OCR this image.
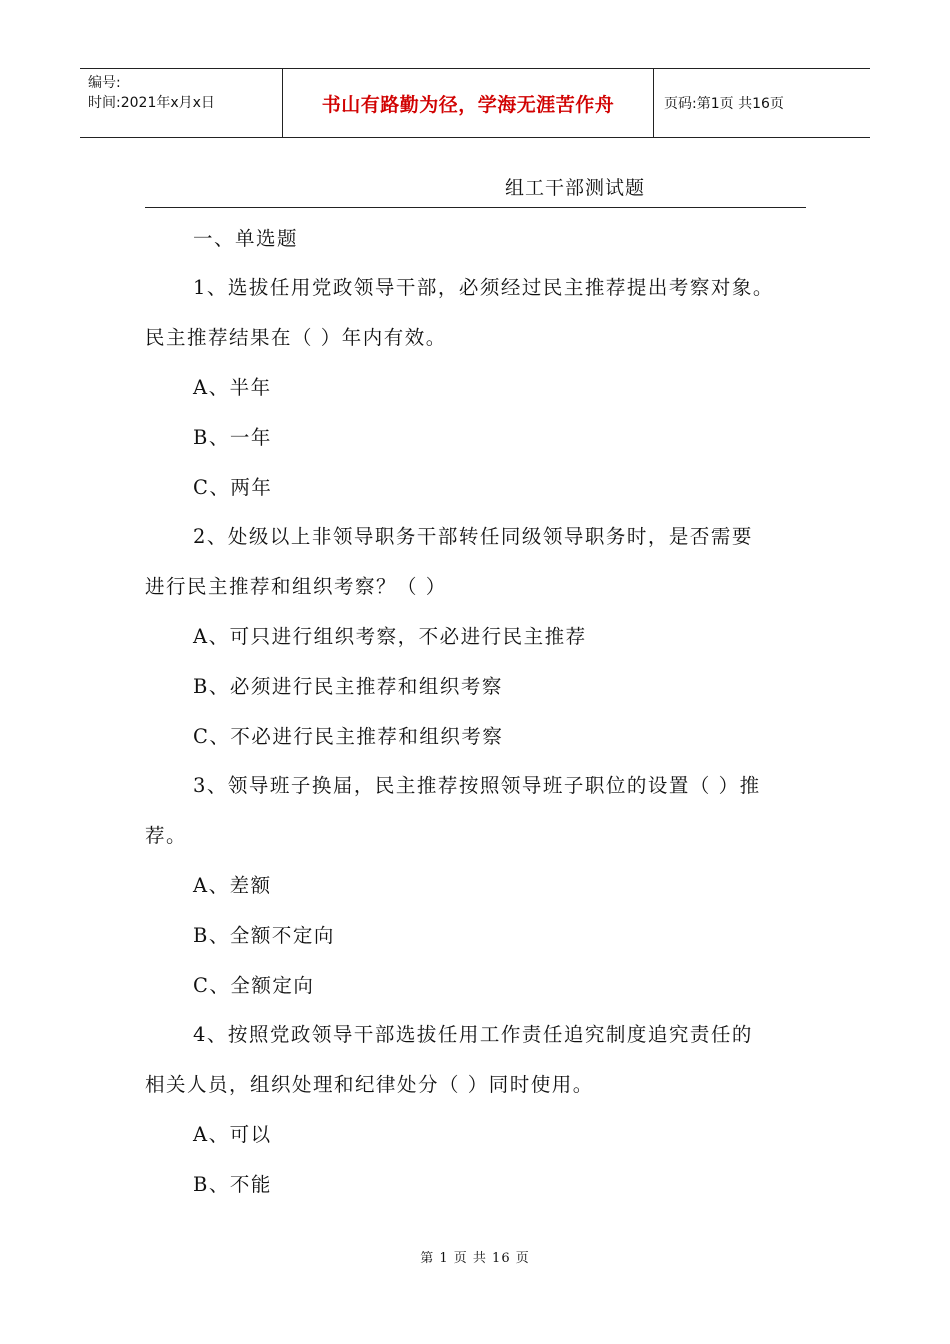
编号:
时间:2021年x月x日	书山有路勤为径，学海无涯苦作舟	页码:第1页 共16页
组工干部测试题
一、单选题
1、选拔任用党政领导干部，必须经过民主推荐提出考察对象。
民主推荐结果在（ ）年内有效。
A、半年
B、一年
C、两年
2、处级以上非领导职务干部转任同级领导职务时，是否需要
进行民主推荐和组织考察？（ ）
A、可只进行组织考察，不必进行民主推荐
B、必须进行民主推荐和组织考察
C、不必进行民主推荐和组织考察
3、领导班子换届，民主推荐按照领导班子职位的设置（ ）推
荐。
A、差额
B、全额不定向
C、全额定向
4、按照党政领导干部选拔任用工作责任追究制度追究责任的
相关人员，组织处理和纪律处分（ ）同时使用。
A、可以
B、不能
第 1 页 共 16 页
